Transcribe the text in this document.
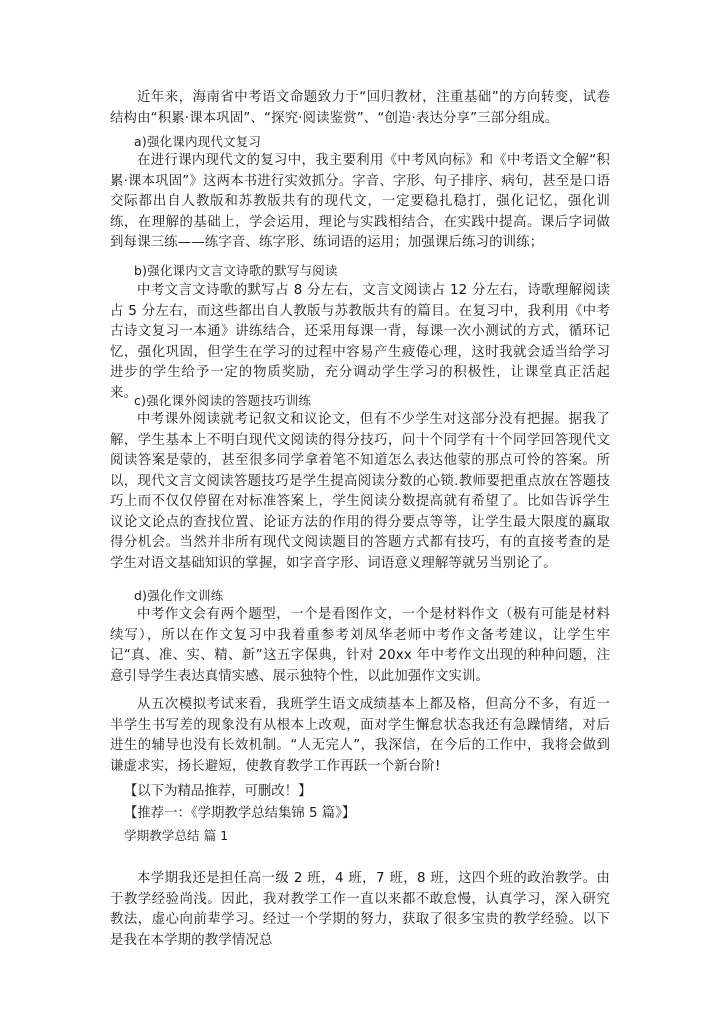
近年来，海南省中考语文命题致力于“回归教材，注重基础”的方向转变，试卷结构由“积累·课本巩固”、“探究·阅读鉴赏”、“创造·表达分享”三部分组成。
a)强化课内现代文复习
在进行课内现代文的复习中，我主要利用《中考风向标》和《中考语文全解“积累·课本巩固”》这两本书进行实效抓分。字音、字形、句子排序、病句，甚至是口语交际都出自人教版和苏教版共有的现代文，一定要稳扎稳打，强化记忆，强化训练，在理解的基础上，学会运用，理论与实践相结合，在实践中提高。课后字词做到每课三练——练字音、练字形、练词语的运用；加强课后练习的训练；
b)强化课内文言文诗歌的默写与阅读
中考文言文诗歌的默写占 8 分左右，文言文阅读占 12 分左右，诗歌理解阅读占 5 分左右，而这些都出自人教版与苏教版共有的篇目。在复习中，我利用《中考古诗文复习一本通》讲练结合，还采用每课一背，每课一次小测试的方式，循环记忆，强化巩固，但学生在学习的过程中容易产生疲倦心理，这时我就会适当给学习进步的学生给予一定的物质奖励，充分调动学生学习的积极性，让课堂真正活起来。
c)强化课外阅读的答题技巧训练
中考课外阅读就考记叙文和议论文，但有不少学生对这部分没有把握。据我了解，学生基本上不明白现代文阅读的得分技巧，问十个同学有十个同学回答现代文阅读答案是蒙的，甚至很多同学拿着笔不知道怎么表达他蒙的那点可怜的答案。所以，现代文言文阅读答题技巧是学生提高阅读分数的心锁.教师要把重点放在答题技巧上而不仅仅停留在对标准答案上，学生阅读分数提高就有希望了。比如告诉学生议论文论点的查找位置、论证方法的作用的得分要点等等，让学生最大限度的赢取得分机会。当然并非所有现代文阅读题目的答题方式都有技巧，有的直接考查的是学生对语文基础知识的掌握，如字音字形、词语意义理解等就另当别论了。
d)强化作文训练
中考作文会有两个题型，一个是看图作文，一个是材料作文（极有可能是材料续写），所以在作文复习中我着重参考刘凤华老师中考作文备考建议，让学生牢记“真、准、实、精、新”这五字保典，针对 20xx 年中考作文出现的种种问题，注意引导学生表达真情实感、展示独特个性，以此加强作文实训。
从五次模拟考试来看，我班学生语文成绩基本上都及格，但高分不多，有近一半学生书写差的现象没有从根本上改观，面对学生懈怠状态我还有急躁情绪，对后进生的辅导也没有长效机制。“人无完人”，我深信，在今后的工作中，我将会做到谦虚求实，扬长避短，使教育教学工作再跃一个新台阶!
【以下为精品推荐，可删改！】
【推荐一：《学期教学总结集锦 5 篇》】
学期教学总结 篇 1
本学期我还是担任高一级 2 班，4 班，7 班，8 班，这四个班的政治教学。由于教学经验尚浅。因此，我对教学工作一直以来都不敢怠慢，认真学习，深入研究教法，虚心向前辈学习。经过一个学期的努力，获取了很多宝贵的教学经验。以下是我在本学期的教学情况总
